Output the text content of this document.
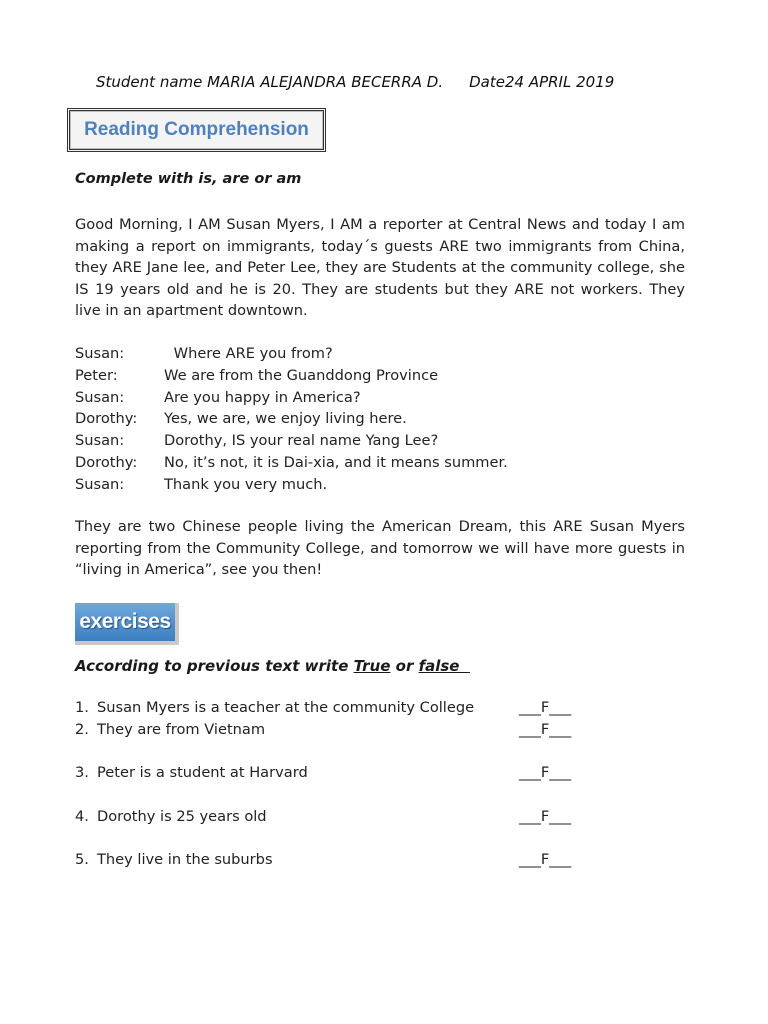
Student name MARIA ALEJANDRA BECERRA D. Date24 APRIL 2019
Reading Comprehension
Complete with is, are or am
Good Morning, I AM Susan Myers, I AM a reporter at Central News and today I am making a report on immigrants, today´s guests ARE two immigrants from China, they ARE Jane lee, and Peter Lee, they are Students at the community college, she IS 19 years old and he is 20. They are students but they ARE not workers. They live in an apartment downtown.
Susan:	Where ARE you from?
Peter:	We are from the Guanddong Province
Susan:	Are you happy in America?
Dorothy: Yes, we are, we enjoy living here.
Susan:	Dorothy, IS your real name Yang Lee?
Dorothy: No, it’s not, it is Dai-xia, and it means summer.
Susan:	Thank you very much.
They are two Chinese people living the American Dream, this ARE Susan Myers reporting from the Community College, and tomorrow we will have more guests in “living in America”, see you then!
exercises
According to previous text write True or false
1. Susan Myers is a teacher at the community College	___F___
2. They are from Vietnam	___F___
3. Peter is a student at Harvard	___F___
4. Dorothy is 25 years old	___F___
5. They live in the suburbs	___F___
